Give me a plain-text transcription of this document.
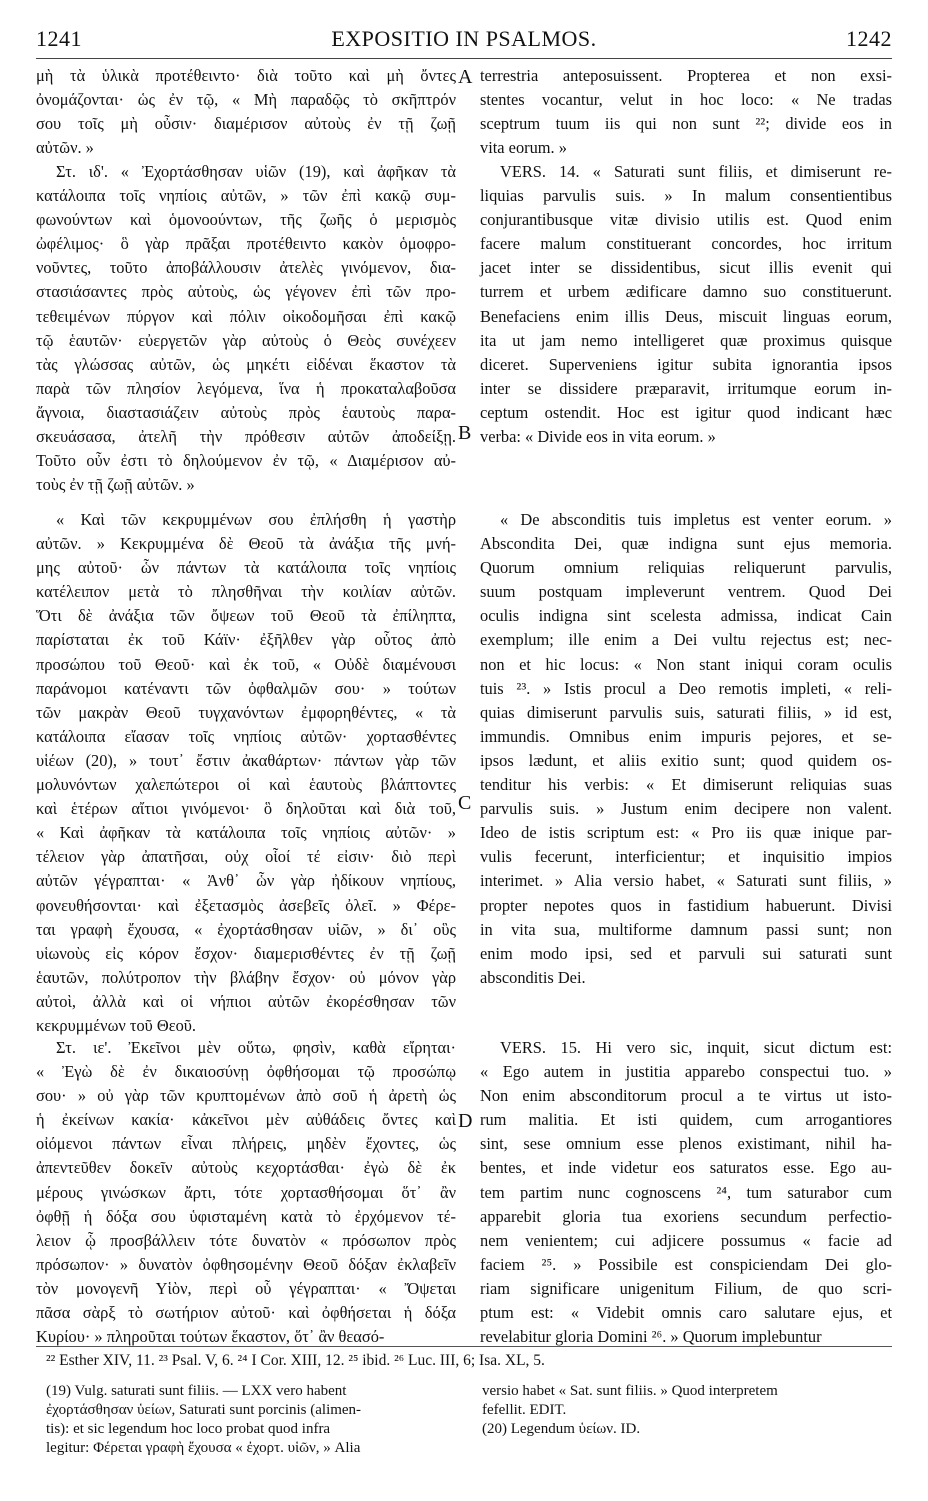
1241	EXPOSITIO IN PSALMOS.	1242

μὴ τὰ ὑλικὰ προτέθειντο· διὰ τοῦτο καὶ μὴ ὄντες

ὀνομάζονται· ὡς ἐν τῷ, « Μὴ παραδῷς τὸ σκῆπτρόν

σου τοῖς μὴ οὖσιν· διαμέρισον αὐτοὺς ἐν τῇ ζωῇ

αὐτῶν. »

Στ. ιδ'. « Ἐχορτάσθησαν υἱῶν (19), καὶ ἀφῆκαν τὰ

κατάλοιπα τοῖς νηπίοις αὐτῶν, » τῶν ἐπὶ κακῷ συμ-

φωνούντων καὶ ὁμονοούντων, τῆς ζωῆς ὁ μερισμὸς

ὠφέλιμος· ὃ γὰρ πρᾶξαι προτέθειντο κακὸν ὁμοφρο-

νοῦντες, τοῦτο ἀποβάλλουσιν ἀτελὲς γινόμενον, δια-

στασιάσαντες πρὸς αὐτοὺς, ὡς γέγονεν ἐπὶ τῶν προ-

τεθειμένων πύργον καὶ πόλιν οἰκοδομῆσαι ἐπὶ κακῷ

τῷ ἑαυτῶν· εὐεργετῶν γὰρ αὐτοὺς ὁ Θεὸς συνέχεεν

τὰς γλώσσας αὐτῶν, ὡς μηκέτι εἰδέναι ἕκαστον τὰ

παρὰ τῶν πλησίον λεγόμενα, ἵνα ἡ προκαταλαβοῦσα

ἄγνοια, διαστασιάζειν αὐτοὺς πρὸς ἑαυτοὺς παρα-

σκευάσασα, ἀτελῆ τὴν πρόθεσιν αὐτῶν ἀποδείξῃ.

Τοῦτο οὖν ἐστι τὸ δηλούμενον ἐν τῷ, « Διαμέρισον αὐ-

τοὺς ἐν τῇ ζωῇ αὐτῶν. »

« Καὶ τῶν κεκρυμμένων σου ἐπλήσθη ἡ γαστὴρ

αὐτῶν. » Κεκρυμμένα δὲ Θεοῦ τὰ ἀνάξια τῆς μνή-

μης αὐτοῦ· ὧν πάντων τὰ κατάλοιπα τοῖς νηπίοις

κατέλειπον μετὰ τὸ πλησθῆναι τὴν κοιλίαν αὐτῶν.

Ὅτι δὲ ἀνάξια τῶν ὄψεων τοῦ Θεοῦ τὰ ἐπίληπτα,

παρίσταται ἐκ τοῦ Κάϊν· ἐξῆλθεν γὰρ οὗτος ἀπὸ

προσώπου τοῦ Θεοῦ· καὶ ἐκ τοῦ, « Οὐδὲ διαμένουσι

παράνομοι κατέναντι τῶν ὀφθαλμῶν σου· » τούτων

τῶν μακρὰν Θεοῦ τυγχανόντων ἐμφορηθέντες, « τὰ

κατάλοιπα εἴασαν τοῖς νηπίοις αὐτῶν· χορτασθέντες

υἱέων (20), » τουτ᾽ ἔστιν ἀκαθάρτων· πάντων γὰρ τῶν

μολυνόντων χαλεπώτεροι οἱ καὶ ἑαυτοὺς βλάπτοντες

καὶ ἑτέρων αἴτιοι γινόμενοι· ὃ δηλοῦται καὶ διὰ τοῦ,

« Καὶ ἀφῆκαν τὰ κατάλοιπα τοῖς νηπίοις αὐτῶν· »

τέλειον γὰρ ἀπατῆσαι, οὐχ οἷοί τέ εἰσιν· διὸ περὶ

αὐτῶν γέγραπται· « Ἀνθ᾽ ὧν γὰρ ἠδίκουν νηπίους,

φονευθήσονται· καὶ ἐξετασμὸς ἀσεβεῖς ὀλεῖ. » Φέρε-

ται γραφὴ ἔχουσα, « ἐχορτάσθησαν υἱῶν, » δι᾽ οὓς

υἱωνοὺς εἰς κόρον ἔσχον· διαμερισθέντες ἐν τῇ ζωῇ

ἑαυτῶν, πολύτροπον τὴν βλάβην ἔσχον· οὐ μόνον γὰρ

αὐτοὶ, ἀλλὰ καὶ οἱ νήπιοι αὐτῶν ἐκορέσθησαν τῶν

κεκρυμμένων τοῦ Θεοῦ.

Στ. ιε'. Ἐκεῖνοι μὲν οὕτω, φησὶν, καθὰ εἴρηται·

« Ἐγὼ δὲ ἐν δικαιοσύνῃ ὀφθήσομαι τῷ προσώπῳ

σου· » οὐ γὰρ τῶν κρυπτομένων ἀπὸ σοῦ ἡ ἀρετὴ ὡς

ἡ ἐκείνων κακία· κἀκεῖνοι μὲν αὐθάδεις ὄντες καὶ

οἰόμενοι πάντων εἶναι πλήρεις, μηδὲν ἔχοντες, ὡς

ἀπεντεῦθεν δοκεῖν αὐτοὺς κεχορτάσθαι· ἐγὼ δὲ ἐκ

μέρους γινώσκων ἄρτι, τότε χορτασθήσομαι ὅτ᾽ ἂν

ὀφθῇ ἡ δόξα σου ὑφισταμένη κατὰ τὸ ἐρχόμενον τέ-

λειον ᾧ προσβάλλειν τότε δυνατὸν « πρόσωπον πρὸς

πρόσωπον· » δυνατὸν ὀφθησομένην Θεοῦ δόξαν ἐκλαβεῖν

τὸν μονογενῆ Υἱὸν, περὶ οὗ γέγραπται· « Ὄψεται

πᾶσα σὰρξ τὸ σωτήριον αὐτοῦ· καὶ ὀφθήσεται ἡ δόξα

Κυρίου· » πληροῦται τούτων ἕκαστον, ὅτ᾽ ἂν θεασό-

terrestria anteposuissent. Propterea et non exsi-

stentes vocantur, velut in hoc loco: « Ne tradas

sceptrum tuum iis qui non sunt ²²; divide eos in

vita eorum. »

VERS. 14. « Saturati sunt filiis, et dimiserunt re-

liquias parvulis suis. » In malum consentientibus

conjurantibusque vitæ divisio utilis est. Quod enim

facere malum constituerant concordes, hoc irritum

jacet inter se dissidentibus, sicut illis evenit qui

turrem et urbem ædificare damno suo constituerunt.

Benefaciens enim illis Deus, miscuit linguas eorum,

ita ut jam nemo intelligeret quæ proximus quisque

diceret. Superveniens igitur subita ignorantia ipsos

inter se dissidere præparavit, irritumque eorum in-

ceptum ostendit. Hoc est igitur quod indicant hæc

verba: « Divide eos in vita eorum. »

« De absconditis tuis impletus est venter eorum. »

Abscondita Dei, quæ indigna sunt ejus memoria.

Quorum omnium reliquias reliquerunt parvulis,

suum postquam impleverunt ventrem. Quod Dei

oculis indigna sint scelesta admissa, indicat Cain

exemplum; ille enim a Dei vultu rejectus est; nec-

non et hic locus: « Non stant iniqui coram oculis

tuis ²³. » Istis procul a Deo remotis impleti, « reli-

quias dimiserunt parvulis suis, saturati filiis, » id est,

immundis. Omnibus enim impuris pejores, et se-

ipsos lædunt, et aliis exitio sunt; quod quidem os-

tenditur his verbis: « Et dimiserunt reliquias suas

parvulis suis. » Justum enim decipere non valent.

Ideo de istis scriptum est: « Pro iis quæ inique par-

vulis fecerunt, interficientur; et inquisitio impios

interimet. » Alia versio habet, « Saturati sunt filiis, »

propter nepotes quos in fastidium habuerunt. Divisi

in vita sua, multiforme damnum passi sunt; non

enim modo ipsi, sed et parvuli sui saturati sunt

absconditis Dei.

VERS. 15. Hi vero sic, inquit, sicut dictum est:

« Ego autem in justitia apparebo conspectui tuo. »

Non enim absconditorum procul a te virtus ut isto-

rum malitia. Et isti quidem, cum arrogantiores

sint, sese omnium esse plenos existimant, nihil ha-

bentes, et inde videtur eos saturatos esse. Ego au-

tem partim nunc cognoscens ²⁴, tum saturabor cum

apparebit gloria tua exoriens secundum perfectio-

nem venientem; cui adjicere possumus « facie ad

faciem ²⁵. » Possibile est conspiciendam Dei glo-

riam significare unigenitum Filium, de quo scri-

ptum est: « Videbit omnis caro salutare ejus, et

revelabitur gloria Domini ²⁶. » Quorum implebuntur

A
B
C
D
²² Esther XIV, 11. ²³ Psal. V, 6. ²⁴ I Cor. XIII, 12. ²⁵ ibid. ²⁶ Luc. III, 6; Isa. XL, 5.

(19) Vulg. saturati sunt filiis. — LXX vero habent

ἐχορτάσθησαν ὑείων, Saturati sunt porcinis (alimen-

tis): et sic legendum hoc loco probat quod infra

legitur: Φέρεται γραφὴ ἔχουσα « ἐχορτ. υἱῶν, » Alia

versio habet « Sat. sunt filiis. » Quod interpretem

fefellit. EDIT.

(20) Legendum ὑείων. ID.
